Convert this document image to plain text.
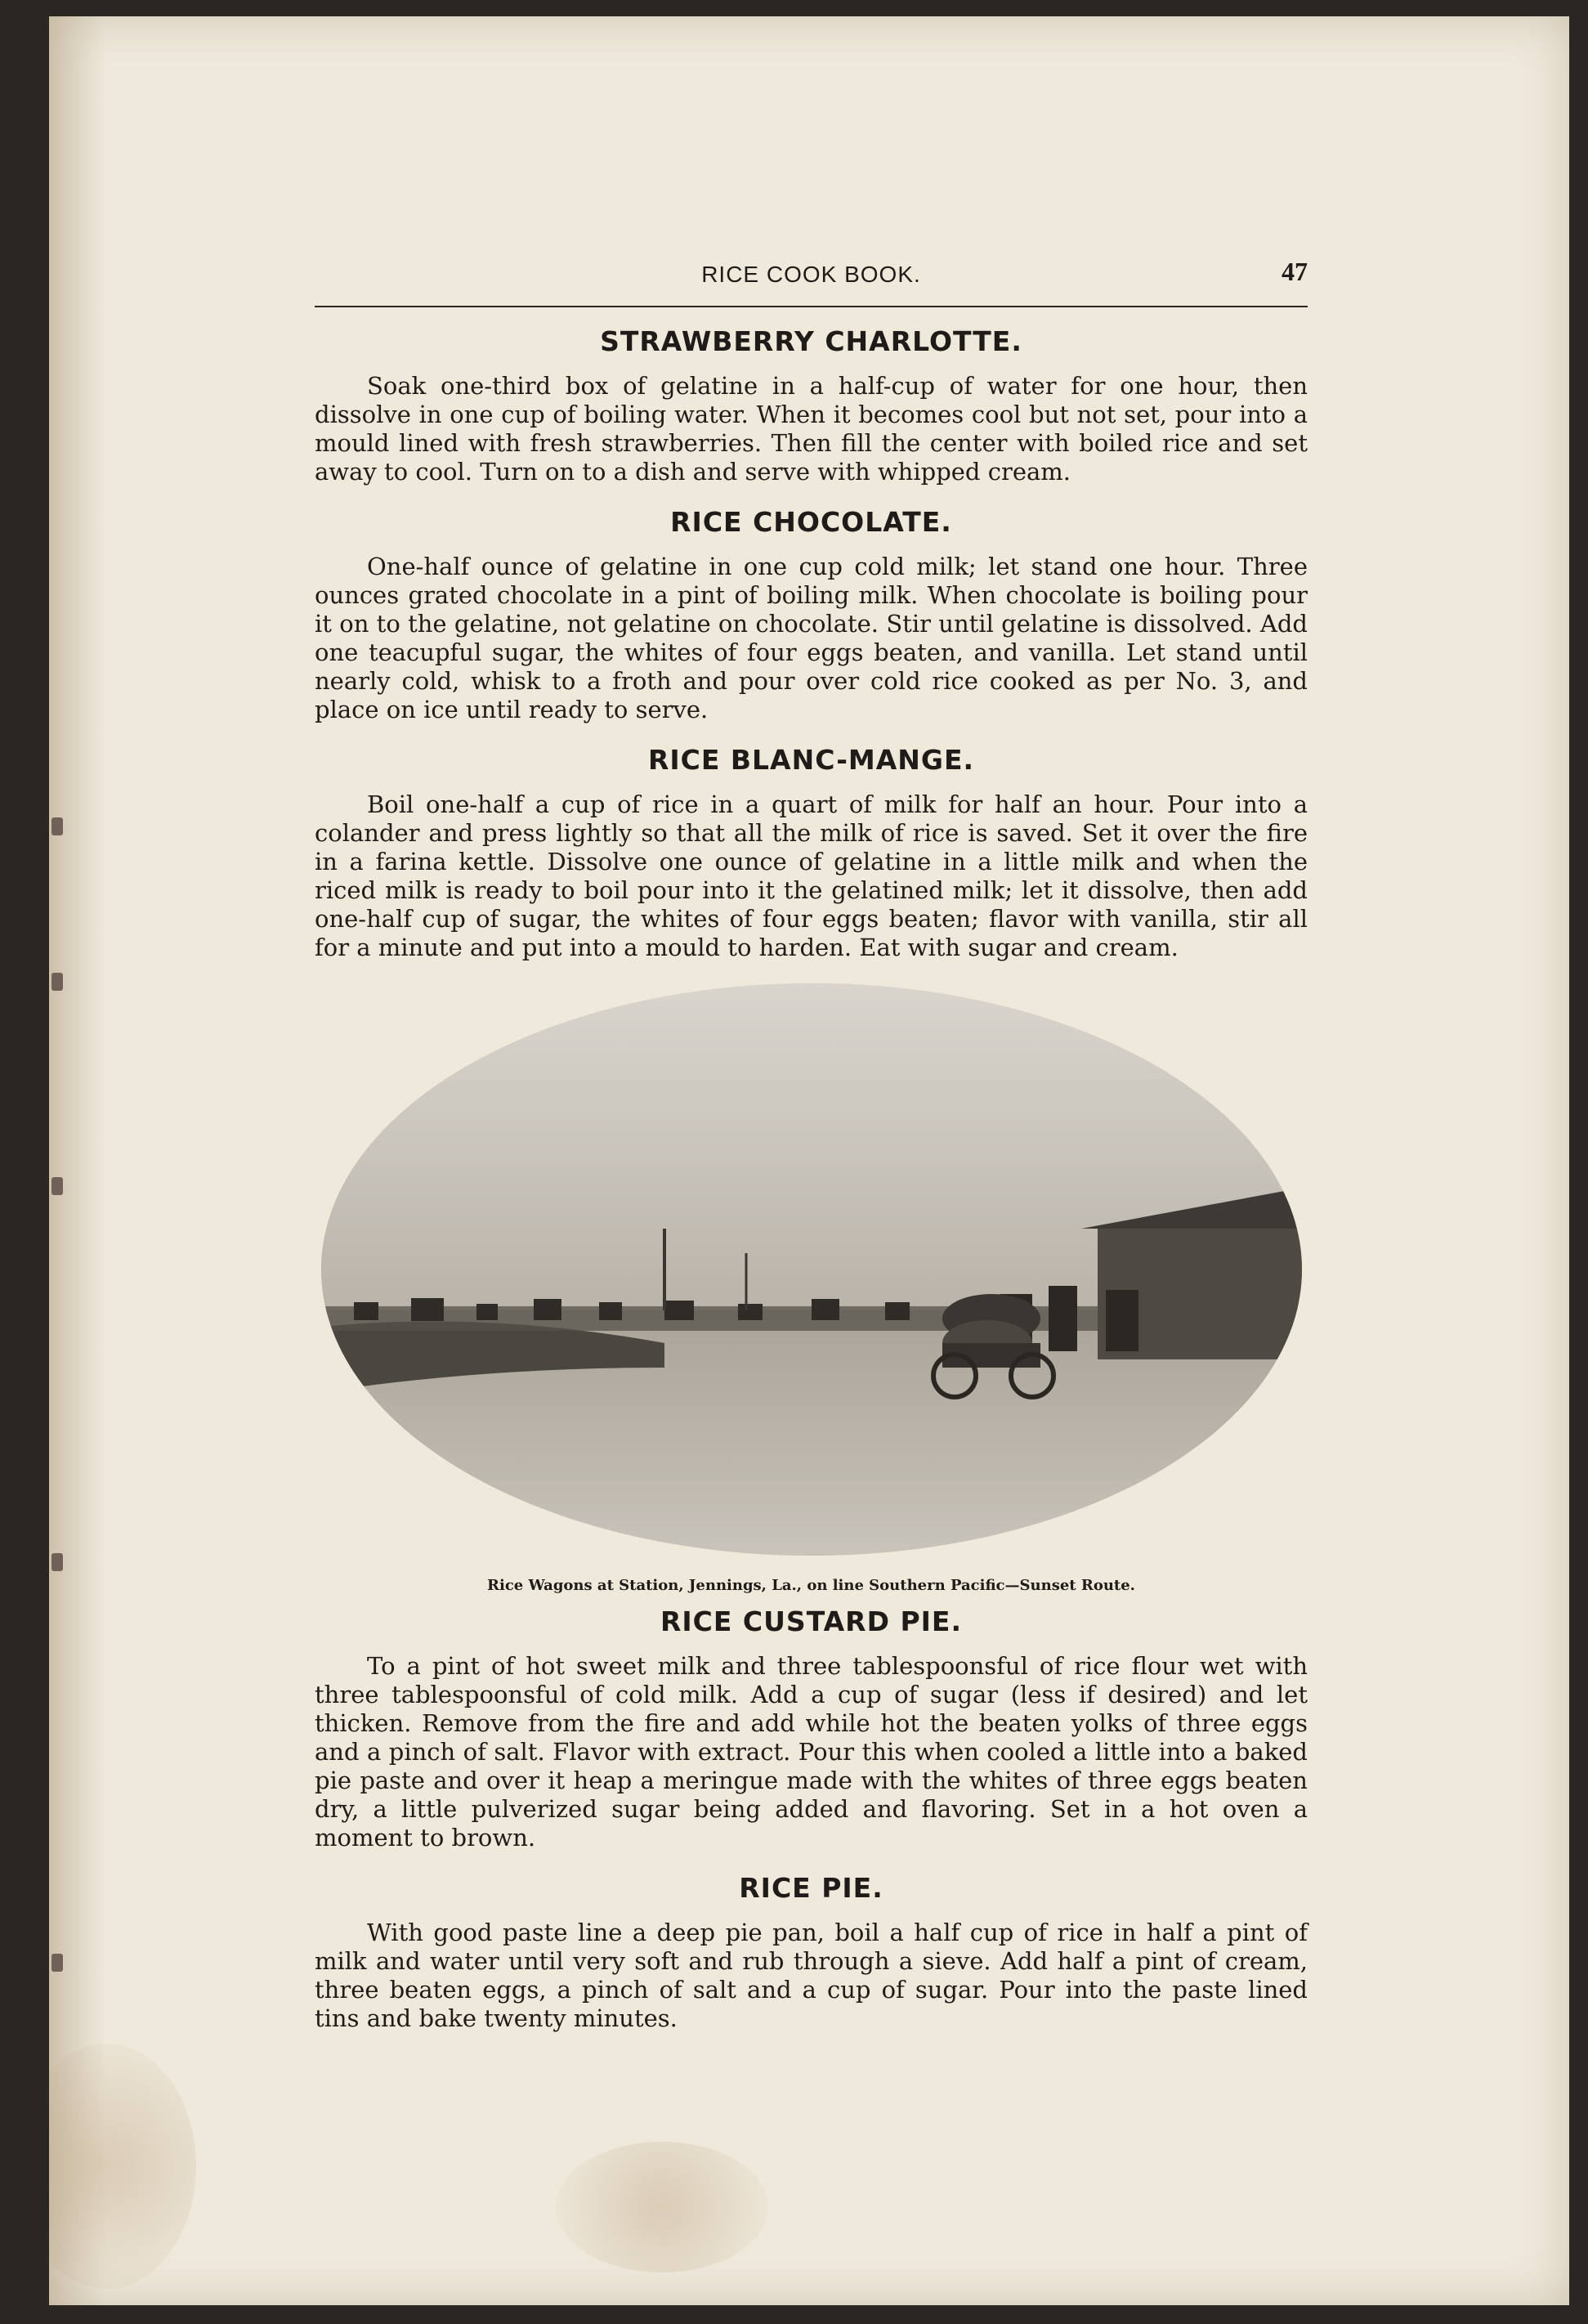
RICE COOK BOOK.	47
STRAWBERRY CHARLOTTE.

Soak one-third box of gelatine in a half-cup of water for one hour, then dissolve in one cup of boiling water. When it becomes cool but not set, pour into a mould lined with fresh strawberries. Then fill the center with boiled rice and set away to cool. Turn on to a dish and serve with whipped cream.

RICE CHOCOLATE.

One-half ounce of gelatine in one cup cold milk; let stand one hour. Three ounces grated chocolate in a pint of boiling milk. When chocolate is boiling pour it on to the gelatine, not gelatine on chocolate. Stir until gelatine is dissolved. Add one teacupful sugar, the whites of four eggs beaten, and vanilla. Let stand until nearly cold, whisk to a froth and pour over cold rice cooked as per No. 3, and place on ice until ready to serve.

RICE BLANC-MANGE.

Boil one-half a cup of rice in a quart of milk for half an hour. Pour into a colander and press lightly so that all the milk of rice is saved. Set it over the fire in a farina kettle. Dissolve one ounce of gelatine in a little milk and when the riced milk is ready to boil pour into it the gelatined milk; let it dissolve, then add one-half cup of sugar, the whites of four eggs beaten; flavor with vanilla, stir all for a minute and put into a mould to harden. Eat with sugar and cream.

Rice Wagons at Station, Jennings, La., on line Southern Pacific—Sunset Route.
RICE CUSTARD PIE.

To a pint of hot sweet milk and three tablespoonsful of rice flour wet with three tablespoonsful of cold milk. Add a cup of sugar (less if desired) and let thicken. Remove from the fire and add while hot the beaten yolks of three eggs and a pinch of salt. Flavor with extract. Pour this when cooled a little into a baked pie paste and over it heap a meringue made with the whites of three eggs beaten dry, a little pulverized sugar being added and flavoring. Set in a hot oven a moment to brown.

RICE PIE.

With good paste line a deep pie pan, boil a half cup of rice in half a pint of milk and water until very soft and rub through a sieve. Add half a pint of cream, three beaten eggs, a pinch of salt and a cup of sugar. Pour into the paste lined tins and bake twenty minutes.
